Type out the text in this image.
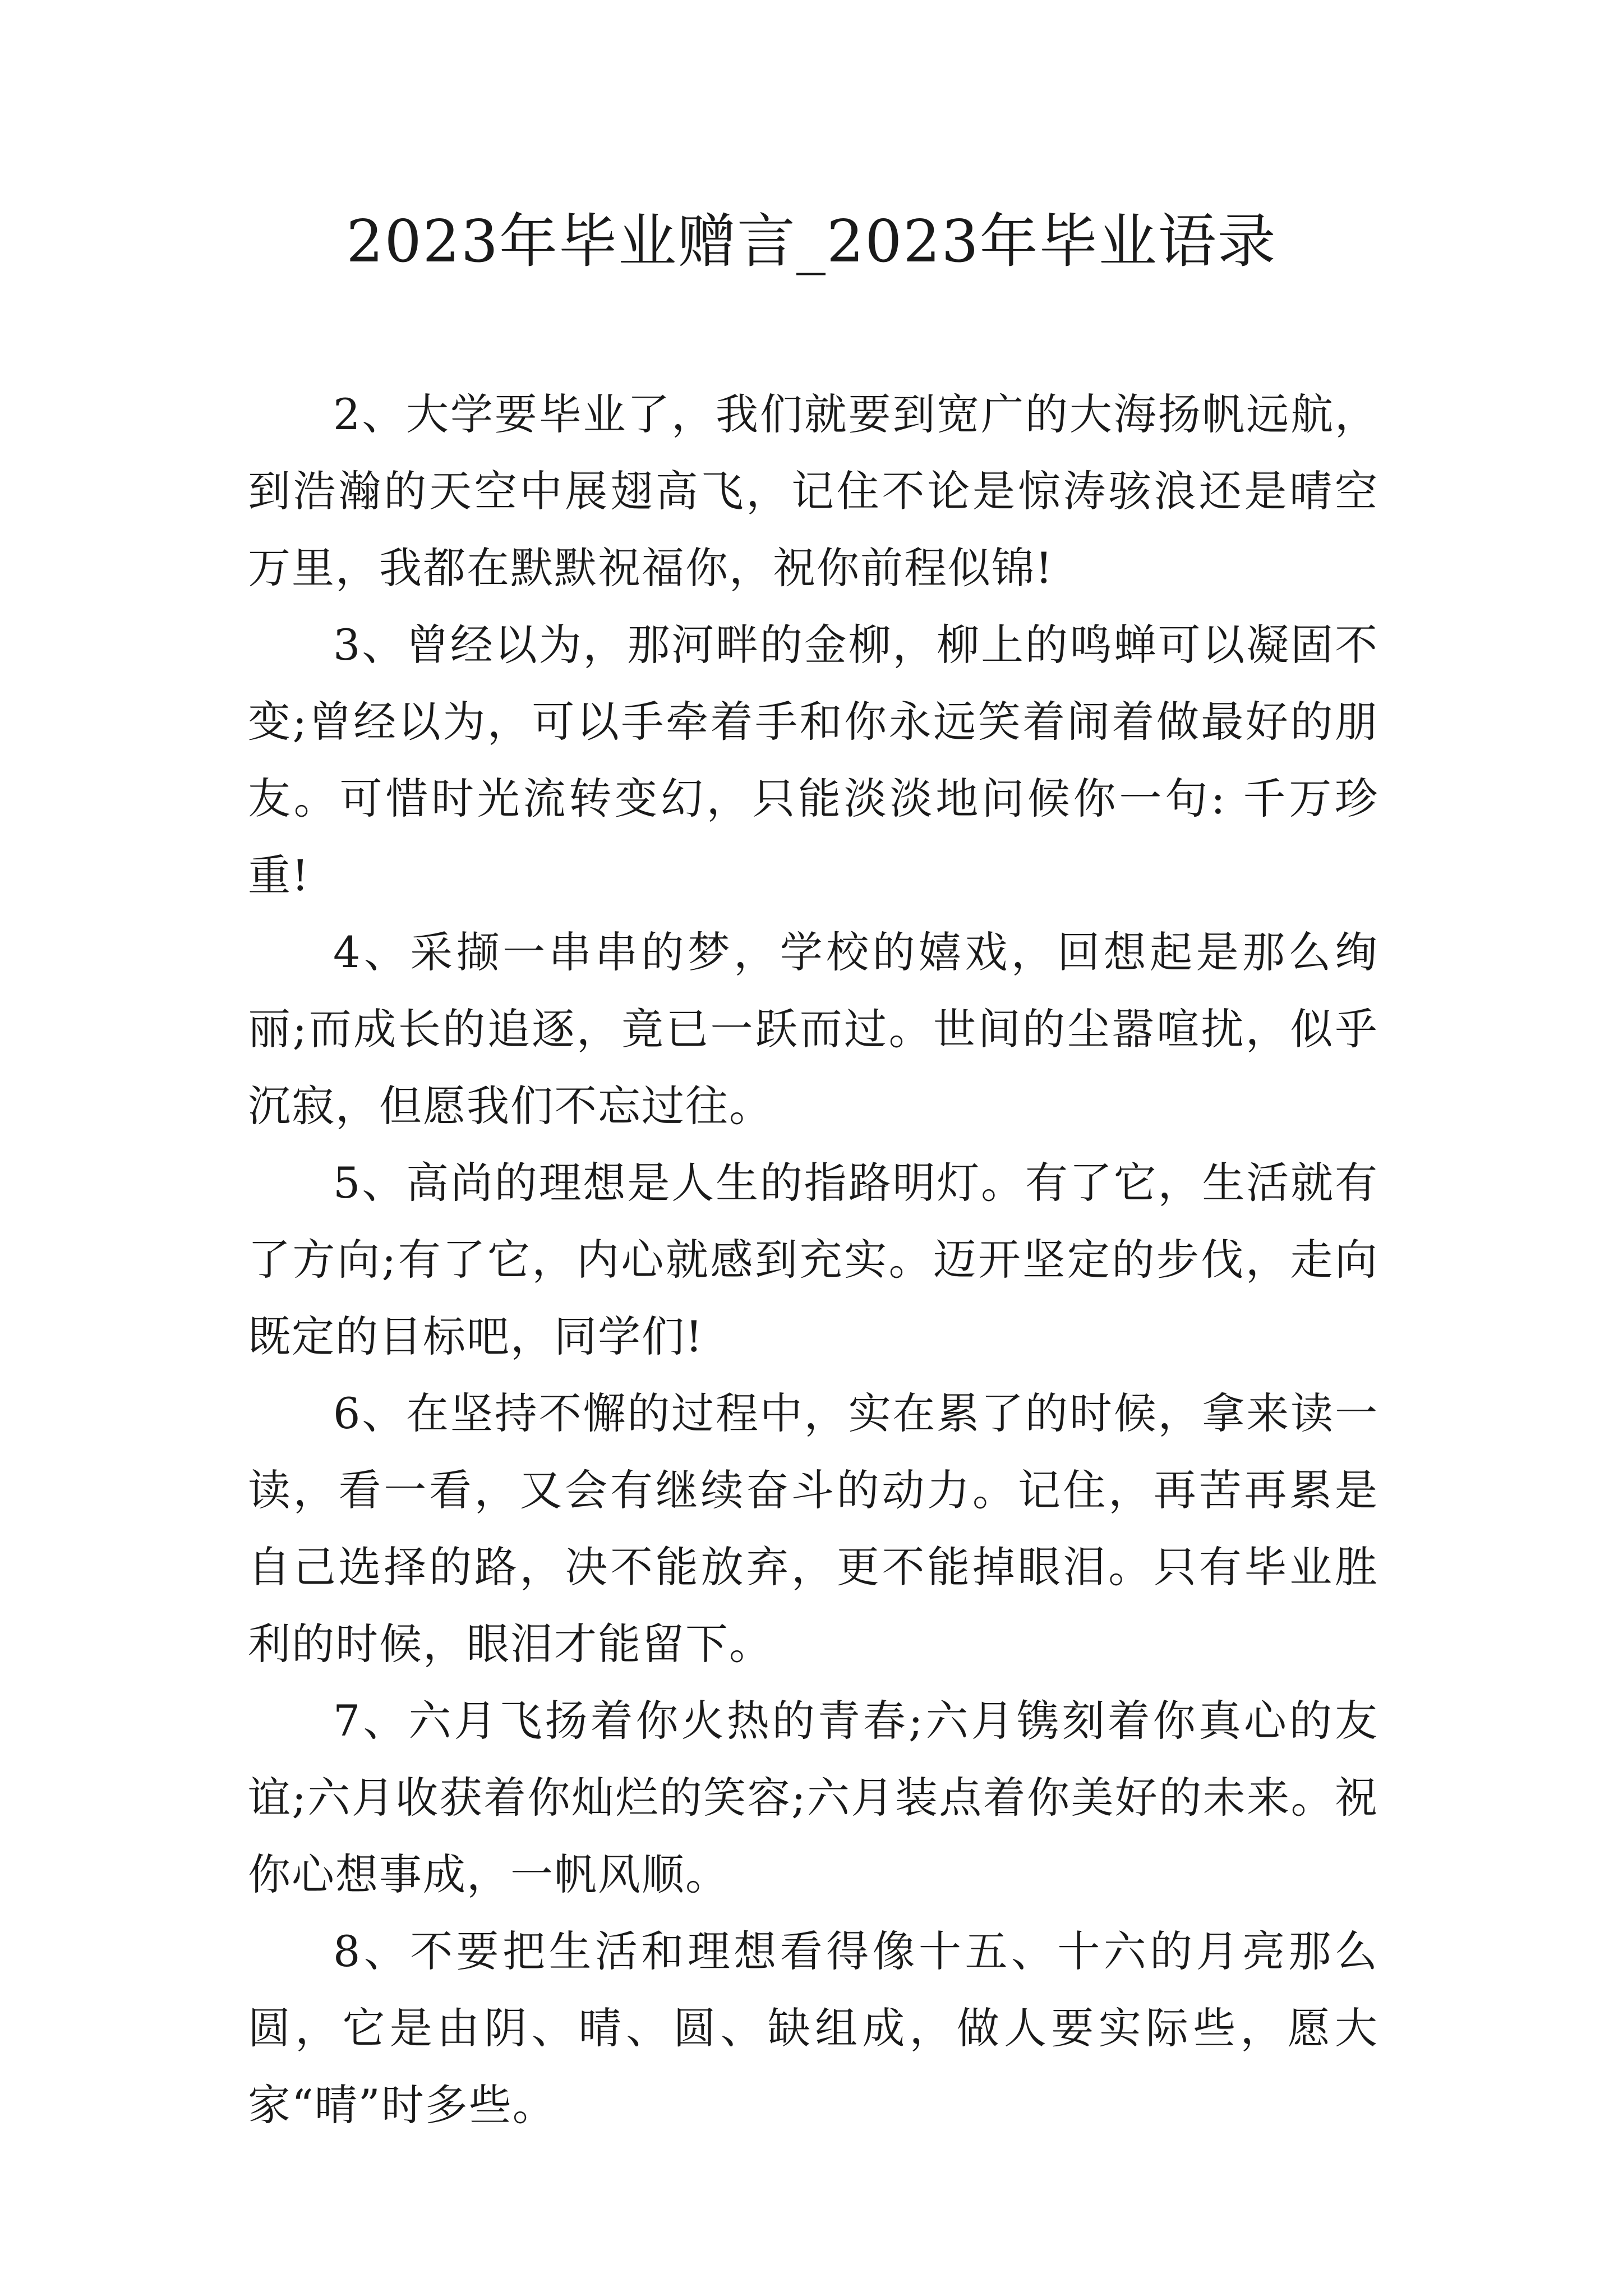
2023年毕业赠言_2023年毕业语录

2、大学要毕业了，我们就要到宽广的大海扬帆远航，到浩瀚的天空中展翅高飞，记住不论是惊涛骇浪还是晴空万里，我都在默默祝福你，祝你前程似锦!

3、曾经以为，那河畔的金柳，柳上的鸣蝉可以凝固不变;曾经以为，可以手牵着手和你永远笑着闹着做最好的朋友。可惜时光流转变幻，只能淡淡地问候你一句: 千万珍重!

4、采撷一串串的梦，学校的嬉戏，回想起是那么绚丽;而成长的追逐，竟已一跃而过。世间的尘嚣喧扰，似乎沉寂，但愿我们不忘过往。

5、高尚的理想是人生的指路明灯。有了它，生活就有了方向;有了它，内心就感到充实。迈开坚定的步伐，走向既定的目标吧，同学们!

6、在坚持不懈的过程中，实在累了的时候，拿来读一读，看一看，又会有继续奋斗的动力。记住，再苦再累是自己选择的路，决不能放弃，更不能掉眼泪。只有毕业胜利的时候，眼泪才能留下。

7、六月飞扬着你火热的青春;六月镌刻着你真心的友谊;六月收获着你灿烂的笑容;六月装点着你美好的未来。祝你心想事成，一帆风顺。

8、不要把生活和理想看得像十五、十六的月亮那么圆，它是由阴、晴、圆、缺组成，做人要实际些，愿大家“晴”时多些。
